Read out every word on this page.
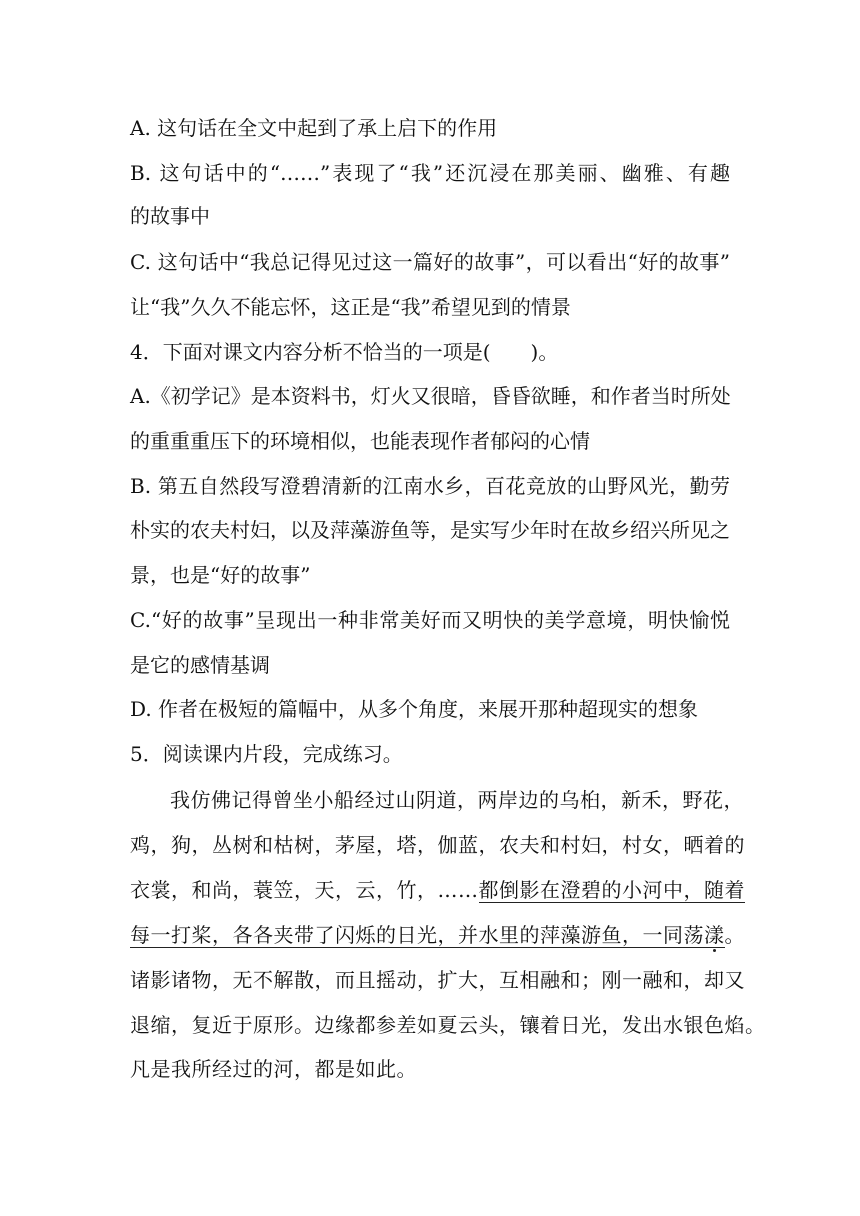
A. 这句话在全文中起到了承上启下的作用
B. 这句话中的“……”表现了“我”还沉浸在那美丽、幽雅、有趣
的故事中
C. 这句话中“我总记得见过这一篇好的故事”，可以看出“好的故事”
让“我”久久不能忘怀，这正是“我”希望见到的情景
4．下面对课文内容分析不恰当的一项是(　　)。
A.《初学记》是本资料书，灯火又很暗，昏昏欲睡，和作者当时所处
的重重重压下的环境相似，也能表现作者郁闷的心情
B. 第五自然段写澄碧清新的江南水乡，百花竞放的山野风光，勤劳
朴实的农夫村妇，以及萍藻游鱼等，是实写少年时在故乡绍兴所见之
景，也是“好的故事”
C.“好的故事”呈现出一种非常美好而又明快的美学意境，明快愉悦
是它的感情基调
D. 作者在极短的篇幅中，从多个角度，来展开那种超现实的想象
5．阅读课内片段，完成练习。
我仿佛记得曾坐小船经过山阴道，两岸边的乌桕，新禾，野花，
鸡，狗，丛树和枯树，茅屋，塔，伽蓝，农夫和村妇，村女，晒着的
衣裳，和尚，蓑笠，天，云，竹，……都倒影在澄碧的小河中，随着
每一打桨，各各夹带了闪烁的日光，并水里的萍藻游鱼，一同荡漾。
诸影诸物，无不解散，而且摇动，扩大，互相融和；刚一融和，却又
退缩，复近于原形。边缘都参差如夏云头，镶着日光，发出水银色焰。
凡是我所经过的河，都是如此。
